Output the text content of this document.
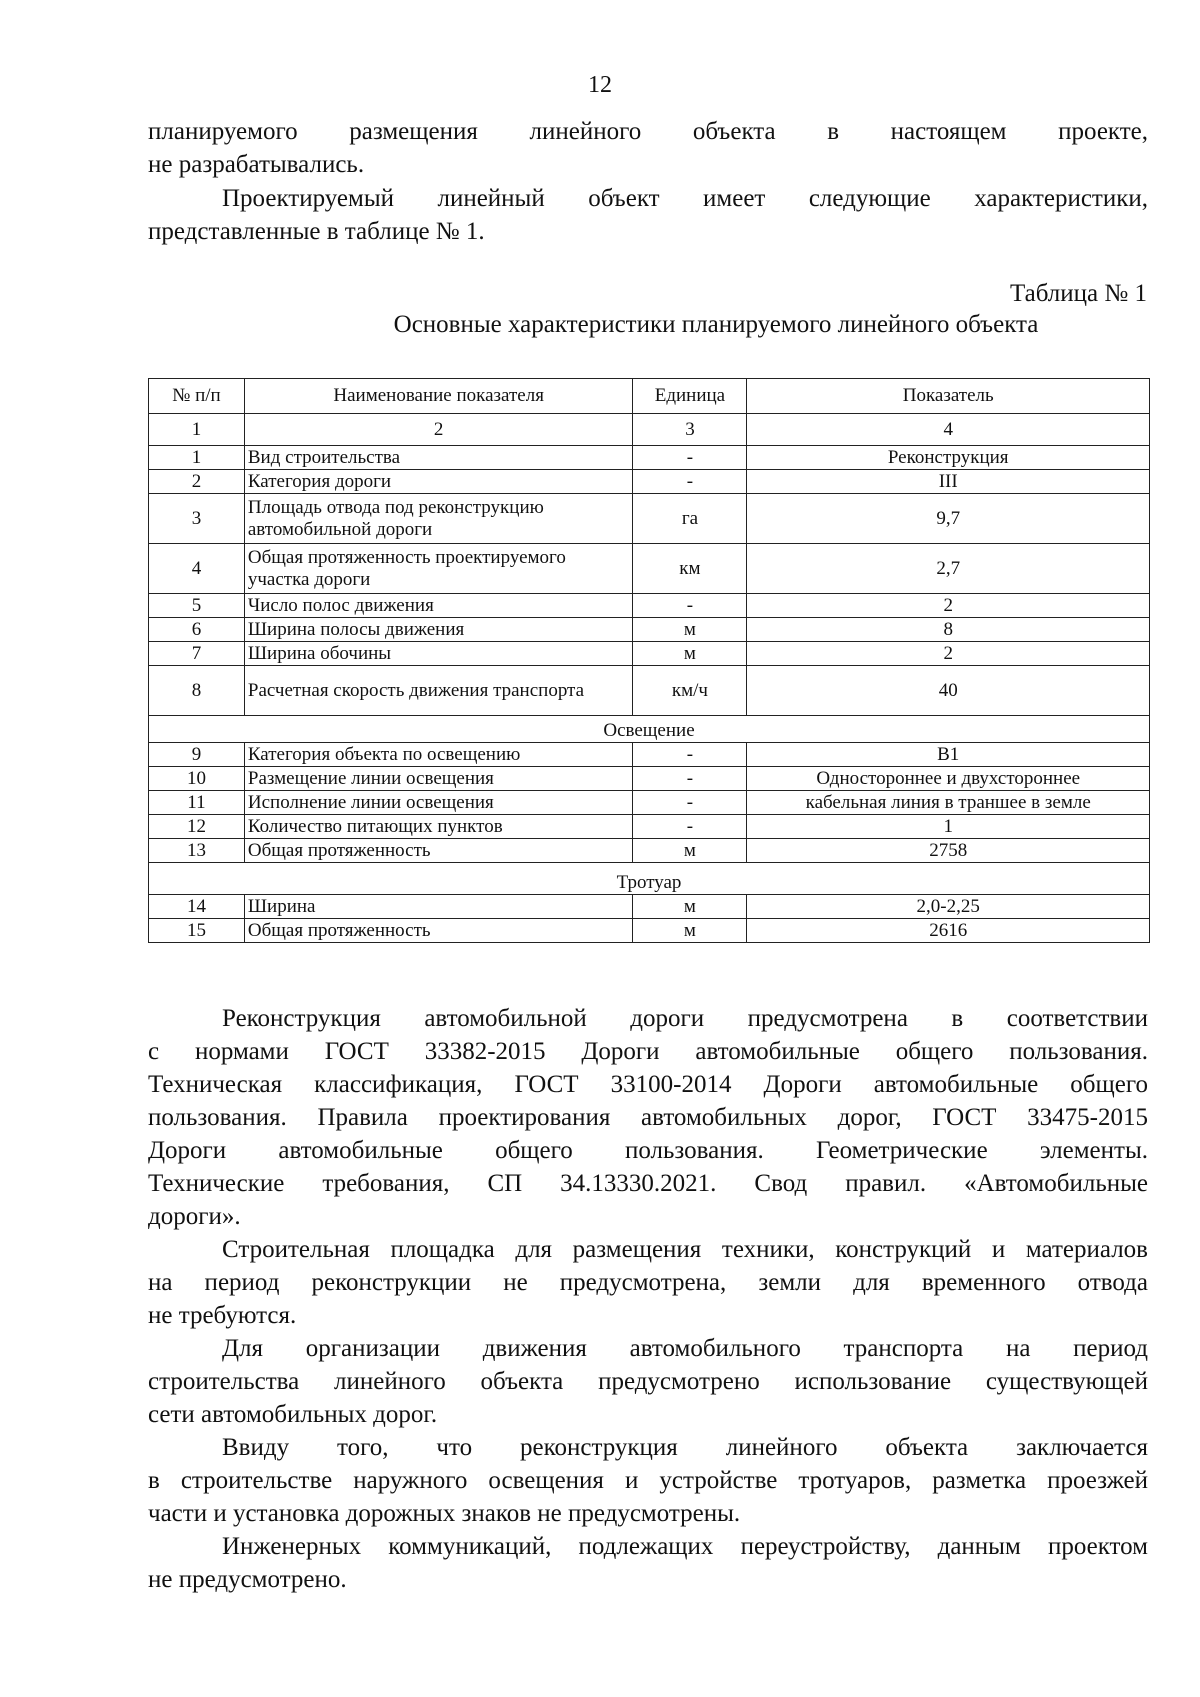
12
планируемого размещения линейного объекта в настоящем проекте,
не разрабатывались.
Проектируемый линейный объект имеет следующие характеристики,
представленные в таблице № 1.
Таблица № 1
Основные характеристики планируемого линейного объекта
№ п/п	Наименование показателя	Единица	Показатель
1	2	3	4
1	Вид строительства	-	Реконструкция
2	Категория дороги	-	III
3	Площадь отвода под реконструкцию автомобильной дороги	га	9,7
4	Общая протяженность проектируемого участка дороги	км	2,7
5	Число полос движения	-	2
6	Ширина полосы движения	м	8
7	Ширина обочины	м	2
8	Расчетная скорость движения транспорта	км/ч	40
Освещение			
9	Категория объекта по освещению	-	В1
10	Размещение линии освещения	-	Одностороннее и двухстороннее
11	Исполнение линии освещения	-	кабельная линия в траншее в земле
12	Количество питающих пунктов	-	1
13	Общая протяженность	м	2758
Тротуар			
14	Ширина	м	2,0-2,25
15	Общая протяженность	м	2616
Реконструкция автомобильной дороги предусмотрена в соответствии
с нормами ГОСТ 33382-2015 Дороги автомобильные общего пользования.
Техническая классификация, ГОСТ 33100-2014 Дороги автомобильные общего
пользования. Правила проектирования автомобильных дорог, ГОСТ 33475-2015
Дороги автомобильные общего пользования. Геометрические элементы.
Технические требования, СП 34.13330.2021. Свод правил. «Автомобильные
дороги».
Строительная площадка для размещения техники, конструкций и материалов
на период реконструкции не предусмотрена, земли для временного отвода
не требуются.
Для организации движения автомобильного транспорта на период
строительства линейного объекта предусмотрено использование существующей
сети автомобильных дорог.
Ввиду того, что реконструкция линейного объекта заключается
в строительстве наружного освещения и устройстве тротуаров, разметка проезжей
части и установка дорожных знаков не предусмотрены.
Инженерных коммуникаций, подлежащих переустройству, данным проектом
не предусмотрено.
